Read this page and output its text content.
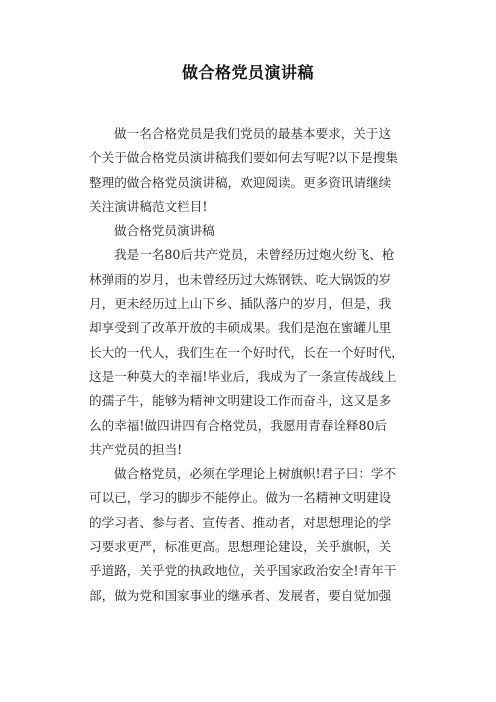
做合格党员演讲稿
做一名合格党员是我们党员的最基本要求，关于这
个关于做合格党员演讲稿我们要如何去写呢?以下是搜集
整理的做合格党员演讲稿，欢迎阅读。更多资讯请继续
关注演讲稿范文栏目!
做合格党员演讲稿
我是一名80后共产党员，未曾经历过炮火纷飞、枪
林弹雨的岁月，也未曾经历过大炼钢铁、吃大锅饭的岁
月，更未经历过上山下乡、插队落户的岁月，但是，我
却享受到了改革开放的丰硕成果。我们是泡在蜜罐儿里
长大的一代人，我们生在一个好时代，长在一个好时代，
这是一种莫大的幸福!毕业后，我成为了一条宣传战线上
的孺子牛，能够为精神文明建设工作而奋斗，这又是多
么的幸福!做四讲四有合格党员，我愿用青春诠释80后
共产党员的担当!
做合格党员，必须在学理论上树旗帜!君子曰：学不
可以已，学习的脚步不能停止。做为一名精神文明建设
的学习者、参与者、宣传者、推动者，对思想理论的学
习要求更严，标准更高。思想理论建设，关乎旗帜，关
乎道路，关乎党的执政地位，关乎国家政治安全!青年干
部，做为党和国家事业的继承者、发展者，要自觉加强
